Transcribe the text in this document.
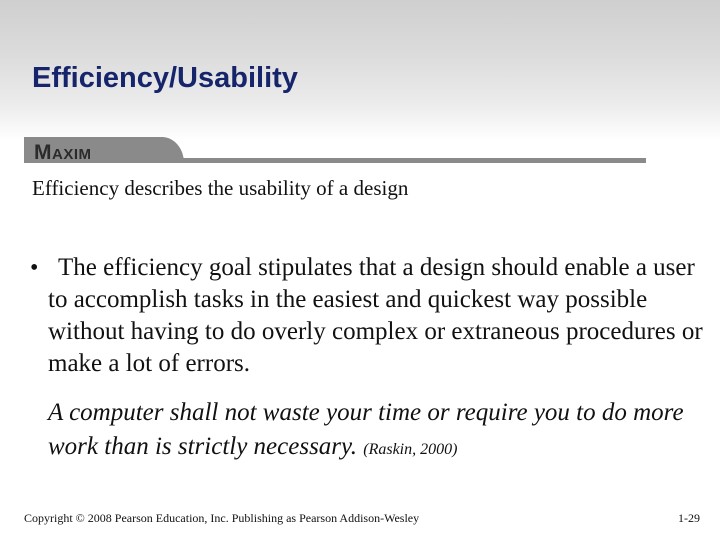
Efficiency/Usability
MAXIM
Efficiency describes the usability of a design
• The efficiency goal stipulates that a design should enable a user to accomplish tasks in the easiest and quickest way possible without having to do overly complex or extraneous procedures or make a lot of errors.
A computer shall not waste your time or require you to do more work than is strictly necessary. (Raskin, 2000)
Copyright © 2008 Pearson Education, Inc. Publishing as Pearson Addison-Wesley	1-29
